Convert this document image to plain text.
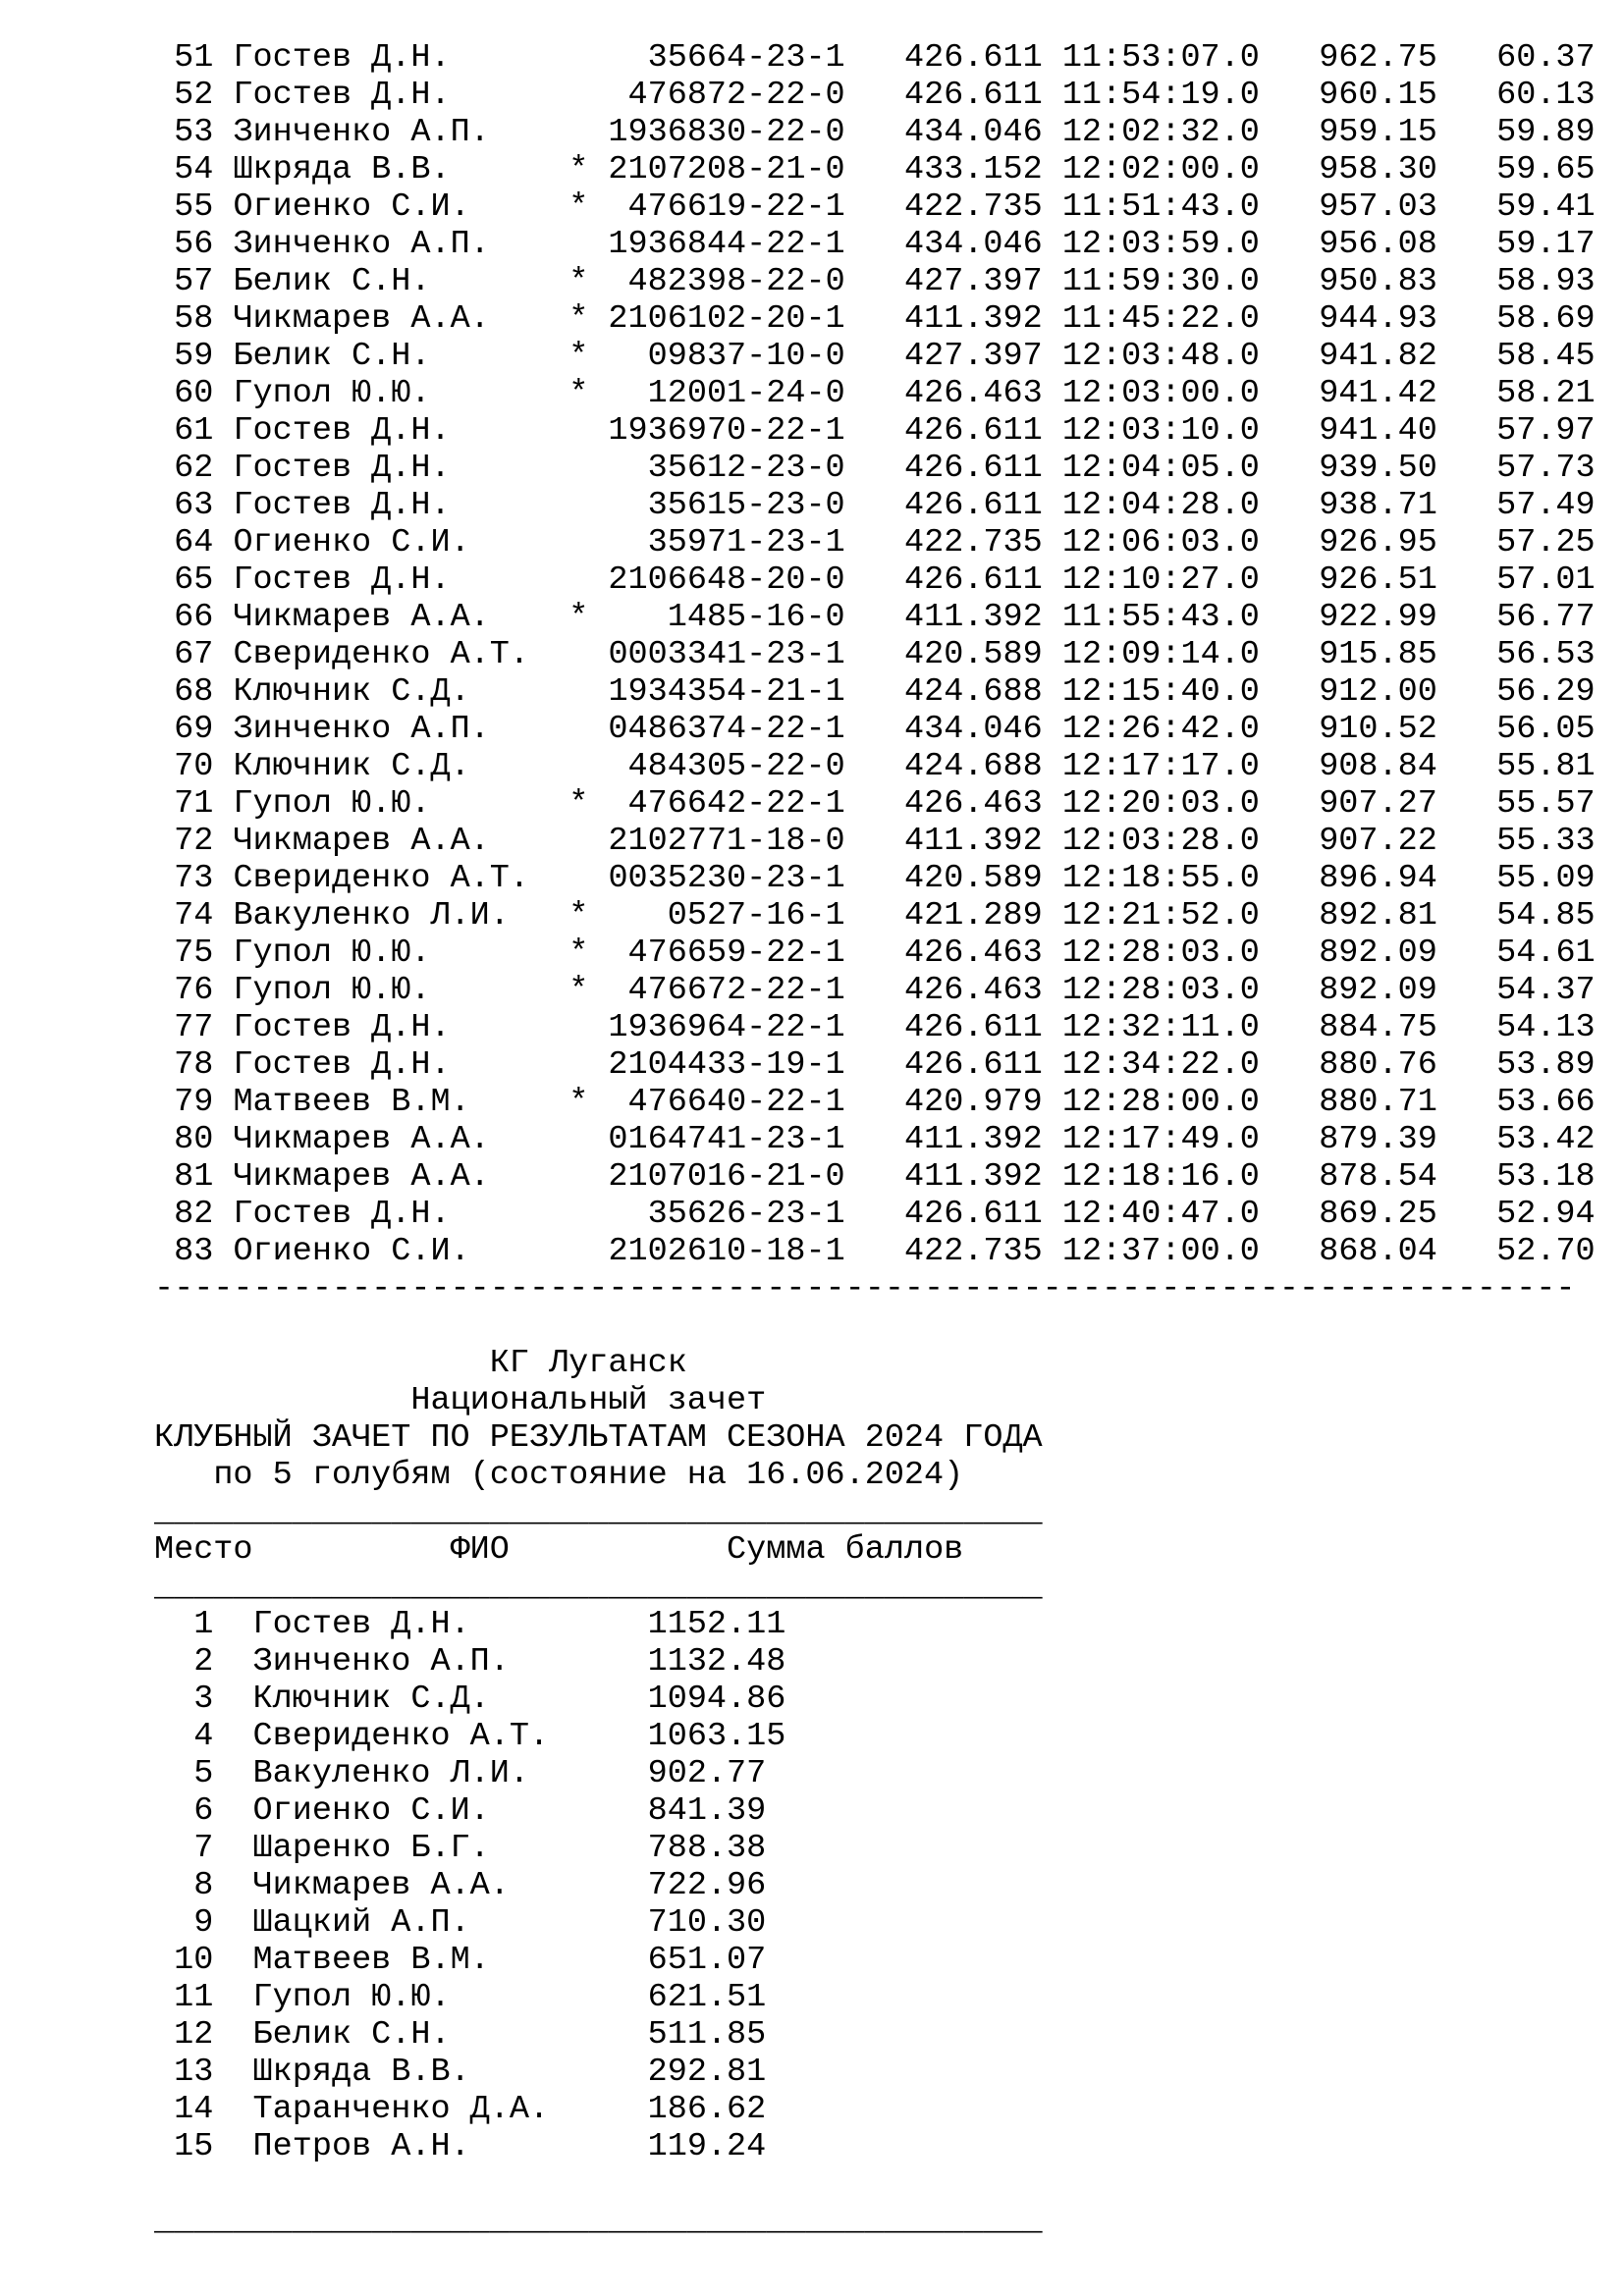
51 Гостев Д.Н.	35664-23-1 426.611 11:53:07.0 962.75 60.37
52 Гостев Д.Н.	476872-22-0 426.611 11:54:19.0 960.15 60.13
53 Зинченко А.П.	1936830-22-0 434.046 12:02:32.0 959.15 59.89
54 Шкряда В.В.	* 2107208-21-0 433.152 12:02:00.0 958.30 59.65
55 Огиенко С.И.	* 476619-22-1 422.735 11:51:43.0 957.03 59.41
56 Зинченко А.П.	1936844-22-1 434.046 12:03:59.0 956.08 59.17
57 Белик С.Н.	* 482398-22-0 427.397 11:59:30.0 950.83 58.93
58 Чикмарев А.А. * 2106102-20-1 411.392 11:45:22.0 944.93 58.69
59 Белик С.Н.	* 09837-10-0 427.397 12:03:48.0 941.82 58.45
60 Гупол Ю.Ю.	* 12001-24-0 426.463 12:03:00.0 941.42 58.21
61 Гостев Д.Н.	1936970-22-1 426.611 12:03:10.0 941.40 57.97
62 Гостев Д.Н.	35612-23-0 426.611 12:04:05.0 939.50 57.73
63 Гостев Д.Н.	35615-23-0 426.611 12:04:28.0 938.71 57.49
64 Огиенко С.И.	35971-23-1 422.735 12:06:03.0 926.95 57.25
65 Гостев Д.Н.	2106648-20-0 426.611 12:10:27.0 926.51 57.01
66 Чикмарев А.А. * 1485-16-0 411.392 11:55:43.0 922.99 56.77
67 Свериденко А.Т. 0003341-23-1 420.589 12:09:14.0 915.85 56.53
68 Ключник С.Д.	1934354-21-1 424.688 12:15:40.0 912.00 56.29
69 Зинченко А.П.	0486374-22-1 434.046 12:26:42.0 910.52 56.05
70 Ключник С.Д.	484305-22-0 424.688 12:17:17.0 908.84 55.81
71 Гупол Ю.Ю.	* 476642-22-1 426.463 12:20:03.0 907.27 55.57
72 Чикмарев А.А.	2102771-18-0 411.392 12:03:28.0 907.22 55.33
73 Свериденко А.Т. 0035230-23-1 420.589 12:18:55.0 896.94 55.09
74 Вакуленко Л.И. * 0527-16-1 421.289 12:21:52.0 892.81 54.85
75 Гупол Ю.Ю.	* 476659-22-1 426.463 12:28:03.0 892.09 54.61
76 Гупол Ю.Ю.	* 476672-22-1 426.463 12:28:03.0 892.09 54.37
77 Гостев Д.Н.	1936964-22-1 426.611 12:32:11.0 884.75 54.13
78 Гостев Д.Н.	2104433-19-1 426.611 12:34:22.0 880.76 53.89
79 Матвеев В.М.	* 476640-22-1 420.979 12:28:00.0 880.71 53.66
80 Чикмарев А.А.	0164741-23-1 411.392 12:17:49.0 879.39 53.42
81 Чикмарев А.А.	2107016-21-0 411.392 12:18:16.0 878.54 53.18
82 Гостев Д.Н.	35626-23-1 426.611 12:40:47.0 869.25 52.94
83 Огиенко С.И.	2102610-18-1 422.735 12:37:00.0 868.04 52.70
------------------------------------------------------------------------
КГ Луганск
Национальный зачет
КЛУБНЫЙ ЗАЧЕТ ПО РЕЗУЛЬТАТАМ СЕЗОНА 2024 ГОДА
по 5 голубям (состояние на 16.06.2024)
_____________________________________________
Место	ФИО	Сумма баллов
_____________________________________________
1 Гостев Д.Н.	1152.11
2 Зинченко А.П.	1132.48
3 Ключник С.Д.	1094.86
4 Свериденко А.Т.	1063.15
5 Вакуленко Л.И.	902.77
6 Огиенко С.И.	841.39
7 Шаренко Б.Г.	788.38
8 Чикмарев А.А.	722.96
9 Шацкий А.П.	710.30
10 Матвеев В.М.	651.07
11 Гупол Ю.Ю.	621.51
12 Белик С.Н.	511.85
13 Шкряда В.В.	292.81
14 Таранченко Д.А.	186.62
15 Петров А.Н.	119.24
_____________________________________________
